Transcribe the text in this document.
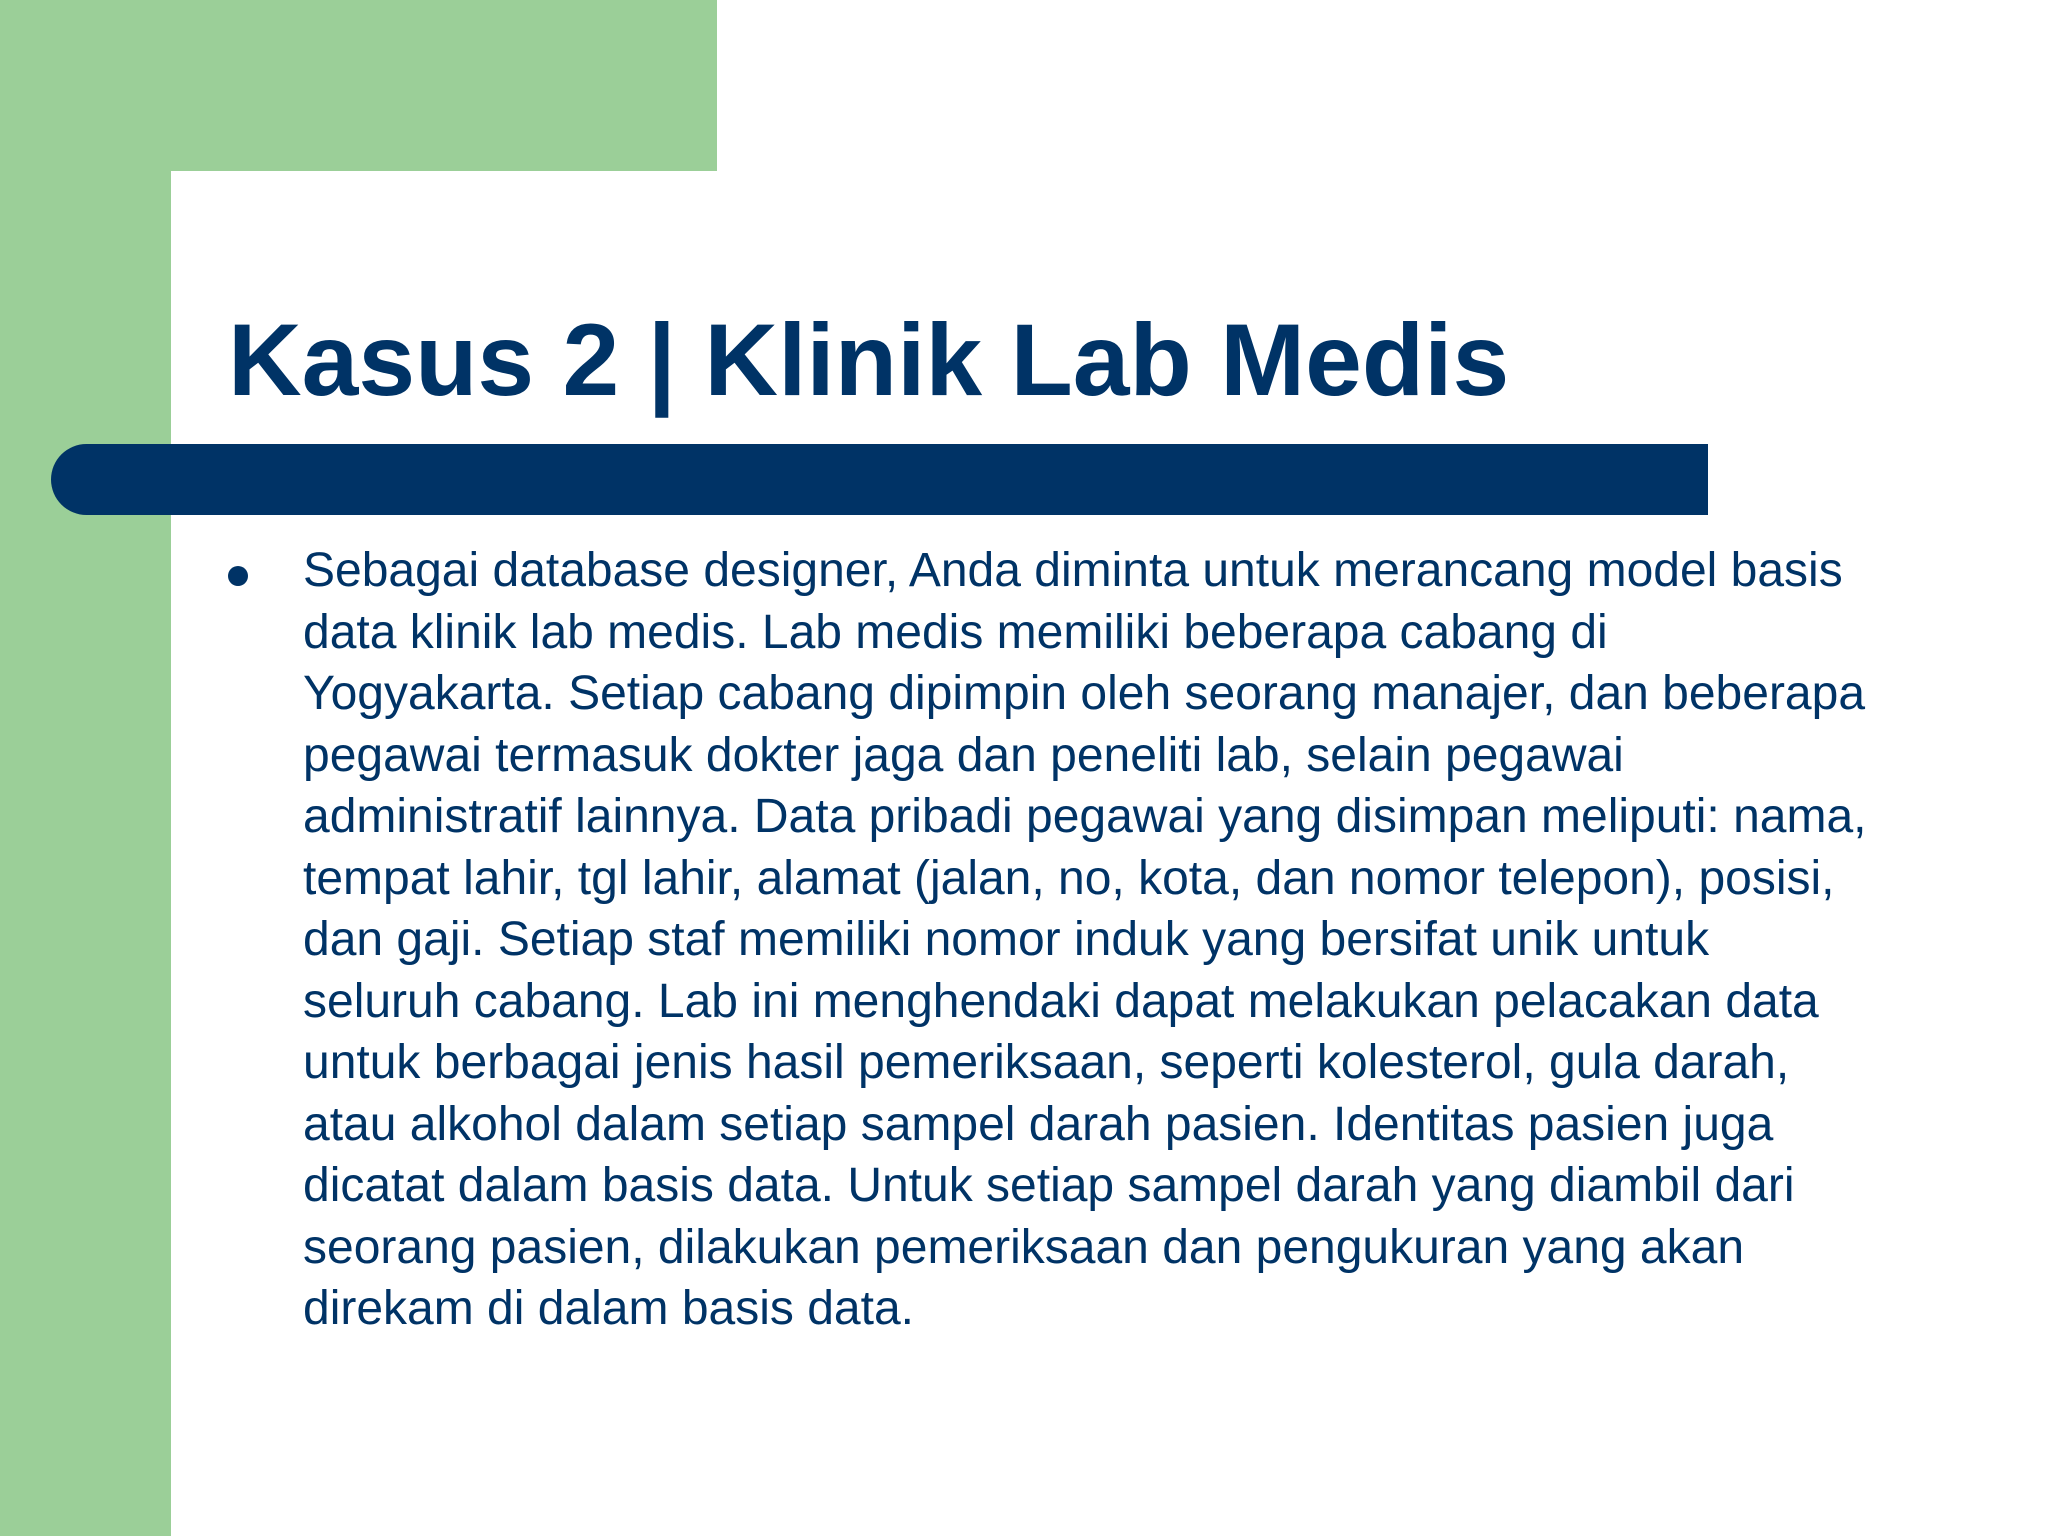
Kasus 2 | Klinik Lab Medis

Sebagai database designer, Anda diminta untuk merancang model basis
data klinik lab medis. Lab medis memiliki beberapa cabang di
Yogyakarta. Setiap cabang dipimpin oleh seorang manajer, dan beberapa
pegawai termasuk dokter jaga dan peneliti lab, selain pegawai
administratif lainnya. Data pribadi pegawai yang disimpan meliputi: nama,
tempat lahir, tgl lahir, alamat (jalan, no, kota, dan nomor telepon), posisi,
dan gaji. Setiap staf memiliki nomor induk yang bersifat unik untuk
seluruh cabang. Lab ini menghendaki dapat melakukan pelacakan data
untuk berbagai jenis hasil pemeriksaan, seperti kolesterol, gula darah,
atau alkohol dalam setiap sampel darah pasien. Identitas pasien juga
dicatat dalam basis data. Untuk setiap sampel darah yang diambil dari
seorang pasien, dilakukan pemeriksaan dan pengukuran yang akan
direkam di dalam basis data.
